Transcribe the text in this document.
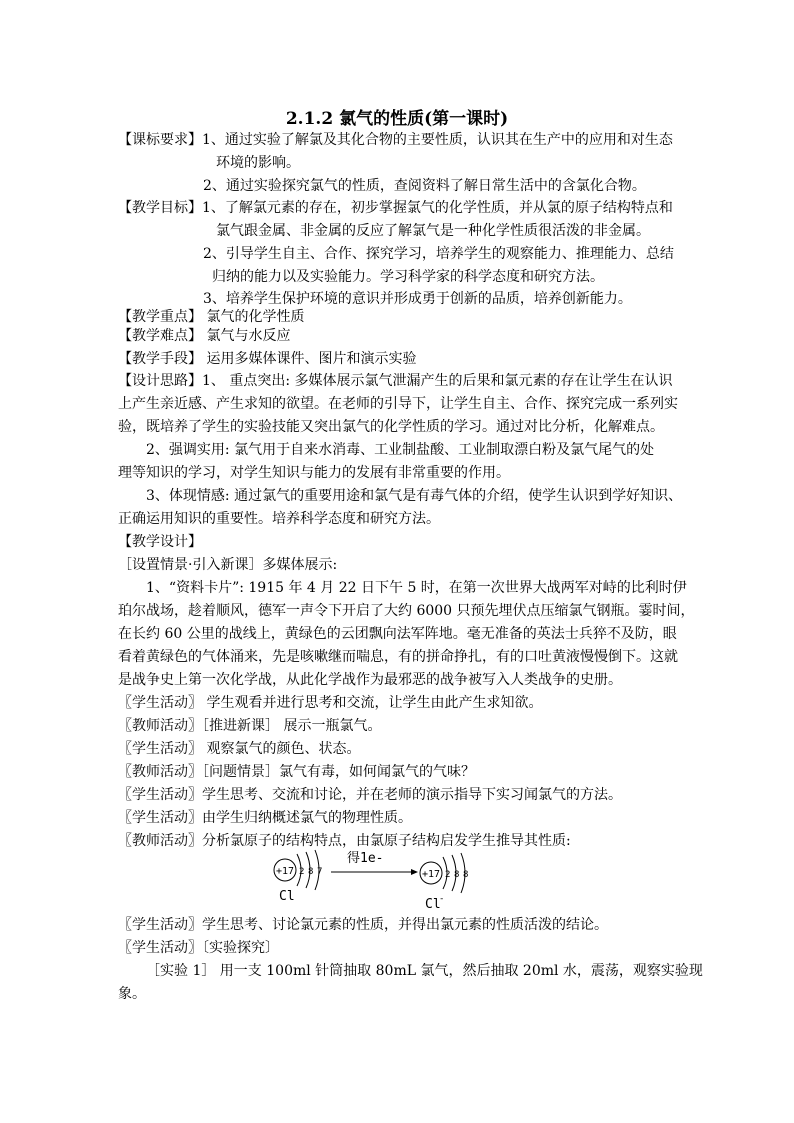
2.1.2 氯气的性质(第一课时)
【课标要求】1、通过实验了解氯及其化合物的主要性质，认识其在生产中的应用和对生态
环境的影响。
2、通过实验探究氯气的性质，查阅资料了解日常生活中的含氯化合物。
【教学目标】1、了解氯元素的存在，初步掌握氯气的化学性质，并从氯的原子结构特点和
氯气跟金属、非金属的反应了解氯气是一种化学性质很活泼的非金属。
2、引导学生自主、合作、探究学习，培养学生的观察能力、推理能力、总结
归纳的能力以及实验能力。学习科学家的科学态度和研究方法。
3、培养学生保护环境的意识并形成勇于创新的品质，培养创新能力。
【教学重点】 氯气的化学性质
【教学难点】 氯气与水反应
【教学手段】 运用多媒体课件、图片和演示实验
【设计思路】1、 重点突出: 多媒体展示氯气泄漏产生的后果和氯元素的存在让学生在认识
上产生亲近感、产生求知的欲望。在老师的引导下，让学生自主、合作、探究完成一系列实
验，既培养了学生的实验技能又突出氯气的化学性质的学习。通过对比分析，化解难点。
2、强调实用: 氯气用于自来水消毒、工业制盐酸、工业制取漂白粉及氯气尾气的处
理等知识的学习，对学生知识与能力的发展有非常重要的作用。
3、体现情感: 通过氯气的重要用途和氯气是有毒气体的介绍，使学生认识到学好知识、
正确运用知识的重要性。培养科学态度和研究方法。
【教学设计】
［设置情景·引入新课］多媒体展示:
1、“资料卡片”: 1915 年 4 月 22 日下午 5 时，在第一次世界大战两军对峙的比利时伊
珀尔战场，趁着顺风，德军一声令下开启了大约 6000 只预先埋伏点压缩氯气钢瓶。霎时间，
在长约 60 公里的战线上，黄绿色的云团飘向法军阵地。毫无准备的英法士兵猝不及防，眼
看着黄绿色的气体涌来，先是咳嗽继而喘息，有的拼命挣扎，有的口吐黄液慢慢倒下。这就
是战争史上第一次化学战，从此化学战作为最邪恶的战争被写入人类战争的史册。
〖学生活动〗 学生观看并进行思考和交流，让学生由此产生求知欲。
〖教师活动〗［推进新课］ 展示一瓶氯气。
〖学生活动〗 观察氯气的颜色、状态。
〖教师活动〗［问题情景］氯气有毒，如何闻氯气的气味？
〖学生活动〗学生思考、交流和讨论，并在老师的演示指导下实习闻氯气的方法。
〖学生活动〗由学生归纳概述氯气的物理性质。
〖教师活动〗分析氯原子的结构特点，由氯原子结构启发学生推导其性质:
〖学生活动〗学生思考、讨论氯元素的性质，并得出氯元素的性质活泼的结论。
〖学生活动〗〔实验探究〕
［实验 1］ 用一支 100ml 针筒抽取 80mL 氯气，然后抽取 20ml 水，震荡，观察实验现
象。
+17 2 8 7
Cl
得1e-
+17 2 8 8
Cl
-
